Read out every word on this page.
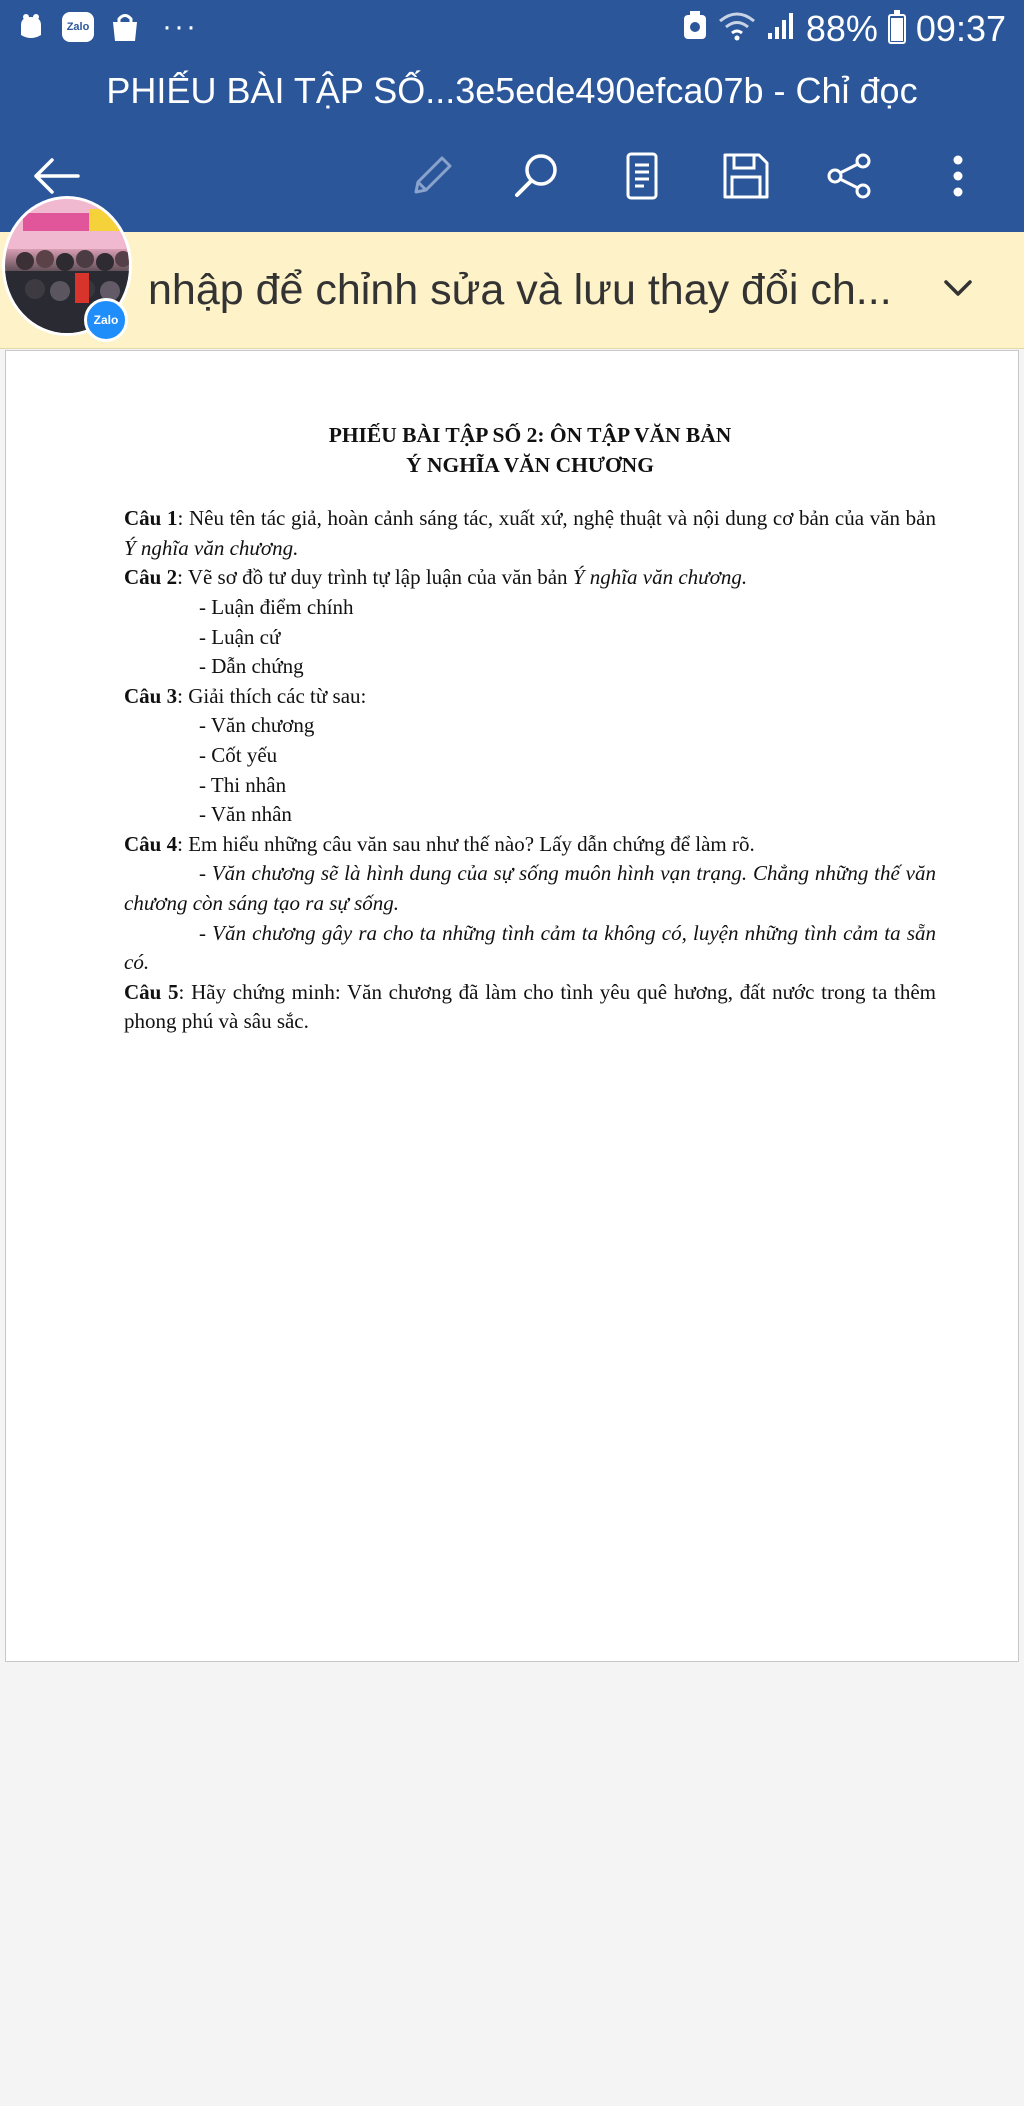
Zalo ···	88% 09:37
PHIẾU BÀI TẬP SỐ...3e5ede490efca07b - Chỉ đọc
nhập để chỉnh sửa và lưu thay đổi ch...
Zalo
PHIẾU BÀI TẬP SỐ 2: ÔN TẬP VĂN BẢN
Ý NGHĨA VĂN CHƯƠNG

Câu 1: Nêu tên tác giả, hoàn cảnh sáng tác, xuất xứ, nghệ thuật và nội dung cơ bản của văn bản Ý nghĩa văn chương.

Câu 2: Vẽ sơ đồ tư duy trình tự lập luận của văn bản Ý nghĩa văn chương.

- Luận điểm chính

- Luận cứ

- Dẫn chứng

Câu 3: Giải thích các từ sau:

- Văn chương

- Cốt yếu

- Thi nhân

- Văn nhân

Câu 4: Em hiểu những câu văn sau như thế nào? Lấy dẫn chứng để làm rõ.

- Văn chương sẽ là hình dung của sự sống muôn hình vạn trạng. Chẳng những thế văn chương còn sáng tạo ra sự sống.

- Văn chương gây ra cho ta những tình cảm ta không có, luyện những tình cảm ta sẵn có.

Câu 5: Hãy chứng minh: Văn chương đã làm cho tình yêu quê hương, đất nước trong ta thêm phong phú và sâu sắc.
